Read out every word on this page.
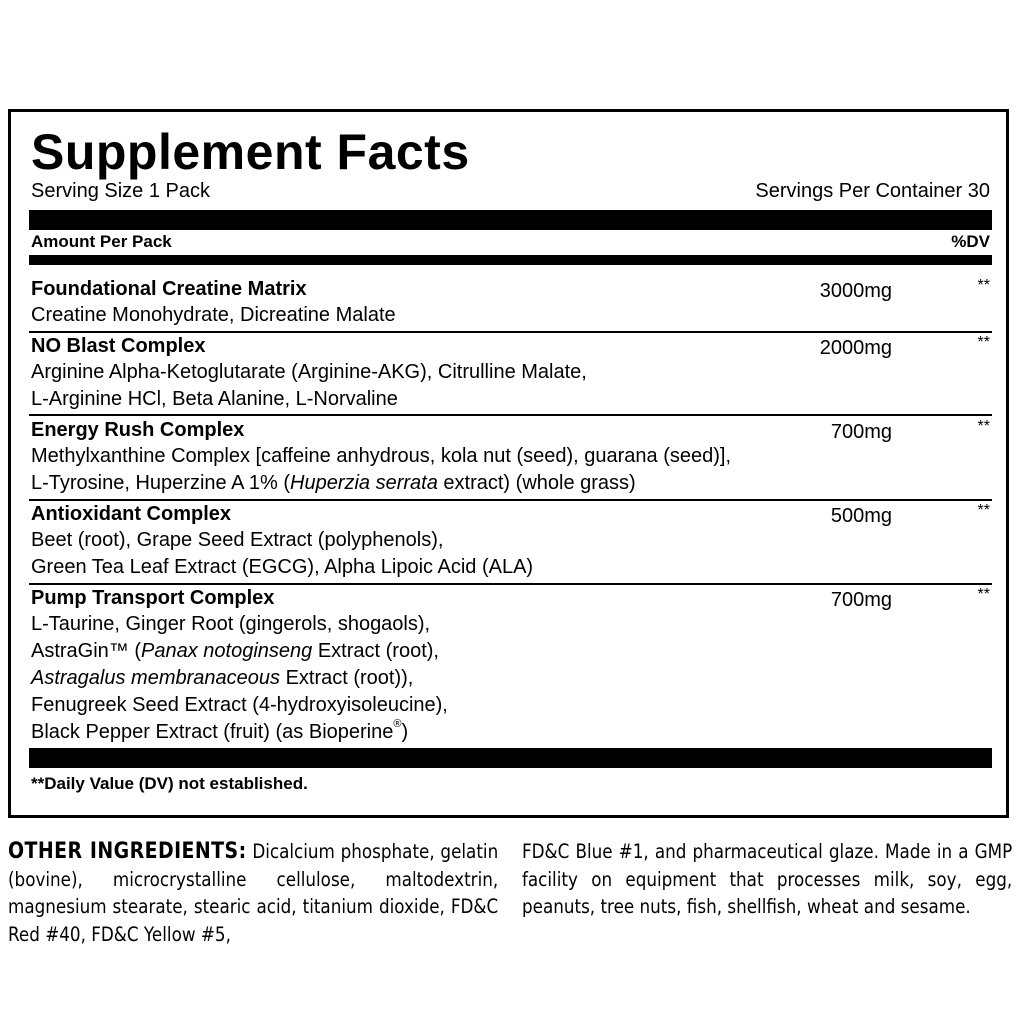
Supplement Facts
Serving Size 1 Pack	Servings Per Container 30
Amount Per Pack	%DV
Foundational Creatine Matrix	3000mg	**
Creatine Monohydrate, Dicreatine Malate
NO Blast Complex	2000mg	**
Arginine Alpha-Ketoglutarate (Arginine-AKG), Citrulline Malate,
L-Arginine HCl, Beta Alanine, L-Norvaline
Energy Rush Complex	700mg	**
Methylxanthine Complex [caffeine anhydrous, kola nut (seed), guarana (seed)],
L-Tyrosine, Huperzine A 1% (Huperzia serrata extract) (whole grass)
Antioxidant Complex	500mg	**
Beet (root), Grape Seed Extract (polyphenols),
Green Tea Leaf Extract (EGCG), Alpha Lipoic Acid (ALA)
Pump Transport Complex	700mg	**
L-Taurine, Ginger Root (gingerols, shogaols),
AstraGin™ (Panax notoginseng Extract (root),
Astragalus membranaceous Extract (root)),
Fenugreek Seed Extract (4-hydroxyisoleucine),
Black Pepper Extract (fruit) (as Bioperine®)
**Daily Value (DV) not established.
OTHER INGREDIENTS: Dicalcium phosphate, gelatin (bovine), microcrystalline cellulose, maltodextrin, magnesium stearate, stearic acid, titanium dioxide, FD&C Red #40, FD&C Yellow #5,
FD&C Blue #1, and pharmaceutical glaze. Made in a GMP facility on equipment that processes milk, soy, egg, peanuts, tree nuts, fish, shellfish, wheat and sesame.
